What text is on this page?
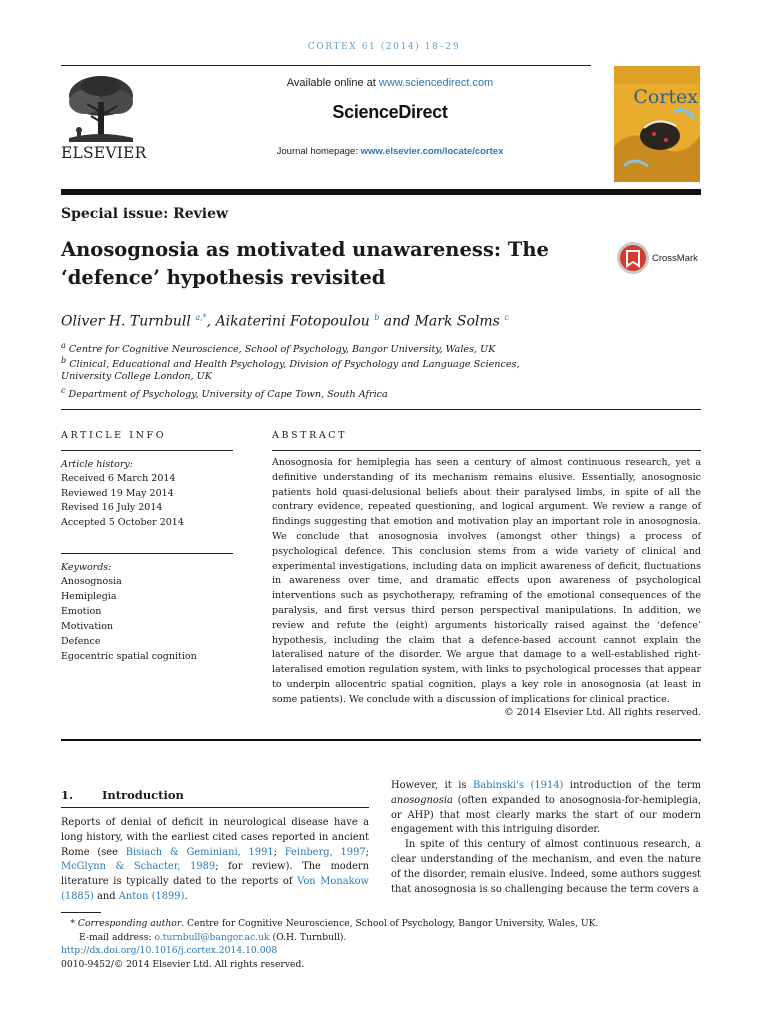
CORTEX 61 (2014) 18–29
ELSEVIER
Available online at www.sciencedirect.com
ScienceDirect
Journal homepage: www.elsevier.com/locate/cortex
Cortex
Special issue: Review
Anosognosia as motivated unawareness: The ‘defence’ hypothesis revisited
CrossMark
Oliver H. Turnbull $^{a,*}$, Aikaterini Fotopoulou $^b$ and Mark Solms $^c$
$^a$ Centre for Cognitive Neuroscience, School of Psychology, Bangor University, Wales, UK
$^b$ Clinical, Educational and Health Psychology, Division of Psychology and Language Sciences,
University College London, UK
$^c$ Department of Psychology, University of Cape Town, South Africa
ARTICLE INFO	ABSTRACT
Article history:
Received 6 March 2014
Reviewed 19 May 2014
Revised 16 July 2014
Accepted 5 October 2014
Keywords:
Anosognosia
Hemiplegia
Emotion
Motivation
Defence
Egocentric spatial cognition
Anosognosia for hemiplegia has seen a century of almost continuous research, yet a definitive understanding of its mechanism remains elusive. Essentially, anosognosic patients hold quasi-delusional beliefs about their paralysed limbs, in spite of all the contrary evidence, repeated questioning, and logical argument. We review a range of findings suggesting that emotion and motivation play an important role in anosognosia. We conclude that anosognosia involves (amongst other things) a process of psychological defence. This conclusion stems from a wide variety of clinical and experimental investigations, including data on implicit awareness of deficit, fluctuations in awareness over time, and dramatic effects upon awareness of psychological interventions such as psychotherapy, reframing of the emotional consequences of the paralysis, and first versus third person perspectival manipulations. In addition, we review and refute the (eight) arguments historically raised against the ‘defence’ hypothesis, including the claim that a defence-based account cannot explain the lateralised nature of the disorder. We argue that damage to a well-established right-lateralised emotion regulation system, with links to psychological processes that appear to underpin allocentric spatial cognition, plays a key role in anosognosia (at least in some patients). We conclude with a discussion of implications for clinical practice.
© 2014 Elsevier Ltd. All rights reserved.
1.	Introduction
Reports of denial of deficit in neurological disease have a long history, with the earliest cited cases reported in ancient Rome (see Bisiach & Geminiani, 1991; Feinberg, 1997; McGlynn & Schacter, 1989; for review). The modern literature is typically dated to the reports of Von Monakow (1885) and Anton (1899).
However, it is Babinski's (1914) introduction of the term anosognosia (often expanded to anosognosia-for-hemiplegia, or AHP) that most clearly marks the start of our modern engagement with this intriguing disorder.
In spite of this century of almost continuous research, a clear understanding of the mechanism, and even the nature of the disorder, remain elusive. Indeed, some authors suggest that anosognosia is so challenging because the term covers a
* Corresponding author. Centre for Cognitive Neuroscience, School of Psychology, Bangor University, Wales, UK.
E-mail address: o.turnbull@bangor.ac.uk (O.H. Turnbull).
http://dx.doi.org/10.1016/j.cortex.2014.10.008
0010-9452/© 2014 Elsevier Ltd. All rights reserved.
